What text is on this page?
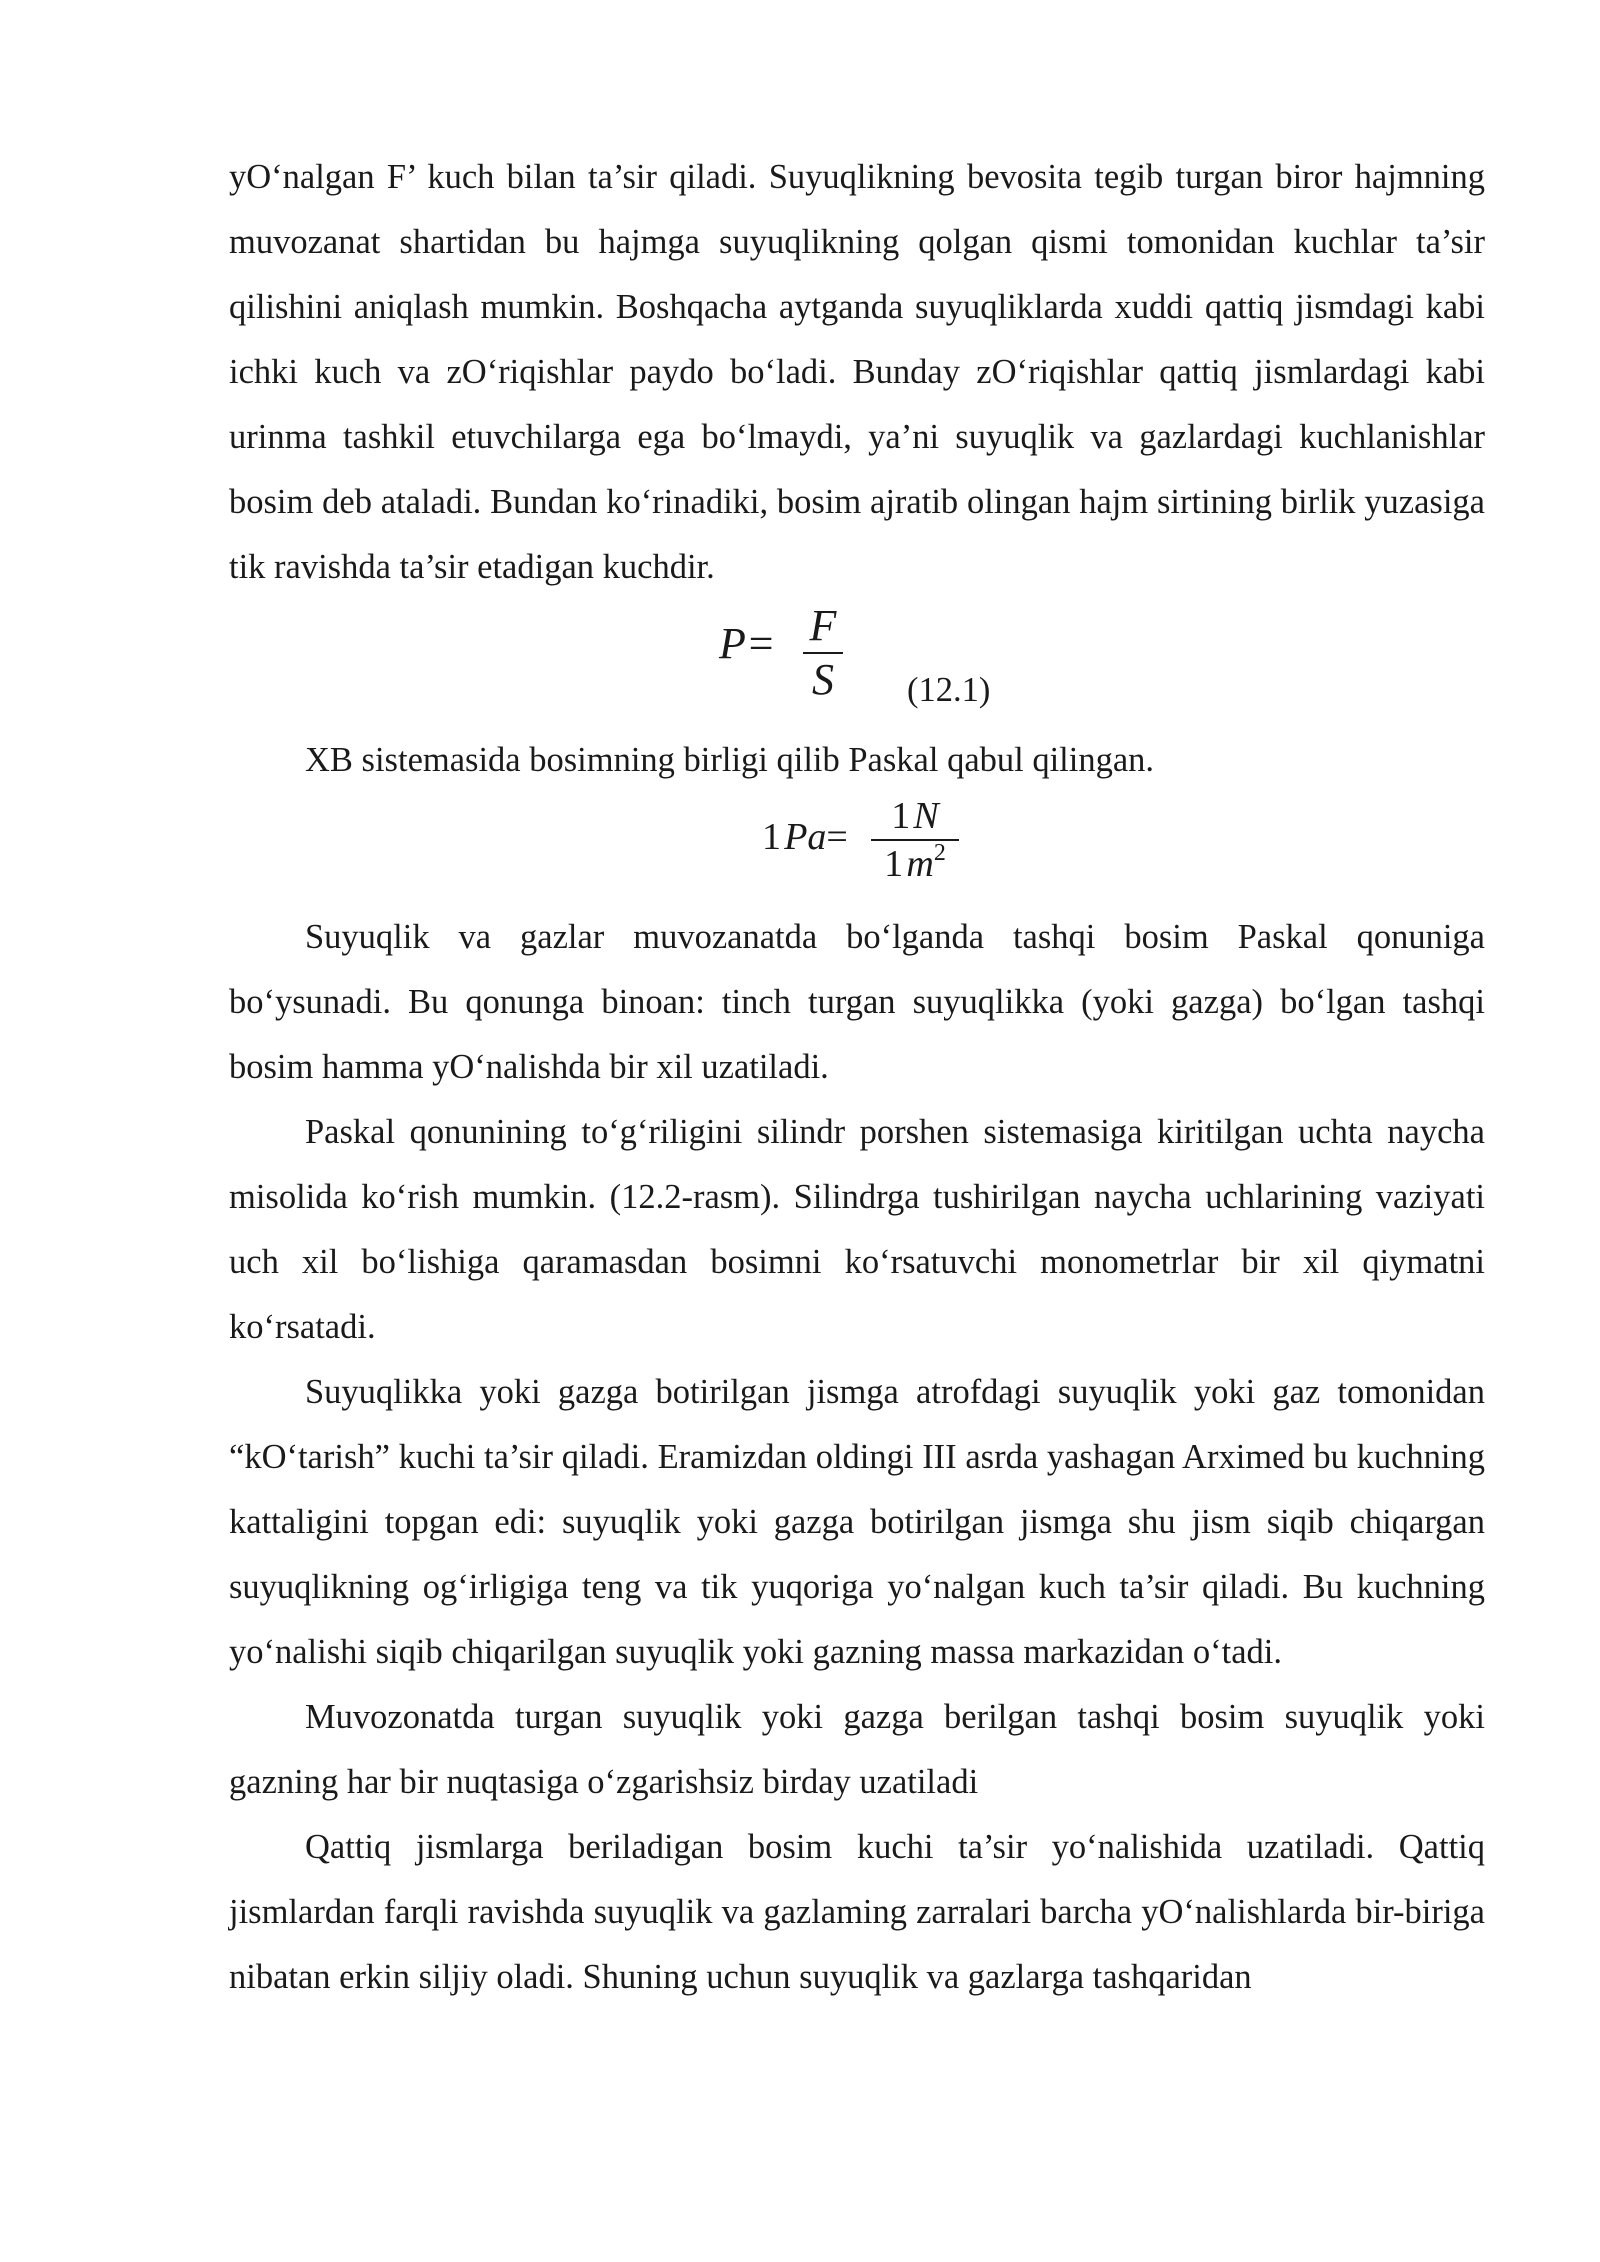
yO‘nalgan F’ kuch bilan ta’sir qiladi. Suyuqlikning bevosita tegib turgan biror hajmning muvozanat shartidan bu hajmga suyuqlikning qolgan qismi tomonidan kuchlar ta’sir qilishini aniqlash mumkin. Boshqacha aytganda suyuqliklarda xuddi qattiq jismdagi kabi ichki kuch va zO‘riqishlar paydo bo‘ladi. Bunday zO‘riqishlar qattiq jismlardagi kabi urinma tashkil etuvchilarga ega bo‘lmaydi, ya’ni suyuqlik va gazlardagi kuchlanishlar bosim deb ataladi. Bundan ko‘rinadiki, bosim ajratib olingan hajm sirtining birlik yuzasiga tik ravishda ta’sir etadigan kuchdir.

P= F
S	(12.1)

XB sistemasida bosimning birligi qilib Paskal qabul qilingan.

1 Pa=	1 N
1 $m^2$

Suyuqlik va gazlar muvozanatda bo‘lganda tashqi bosim Paskal qonuniga bo‘ysunadi. Bu qonunga binoan: tinch turgan suyuqlikka (yoki gazga) bo‘lgan tashqi bosim hamma yO‘nalishda bir xil uzatiladi.

Paskal qonunining to‘g‘riligini silindr porshen sistemasiga kiritilgan uchta naycha misolida ko‘rish mumkin. (12.2-rasm). Silindrga tushirilgan naycha uchlarining vaziyati uch xil bo‘lishiga qaramasdan bosimni ko‘rsatuvchi monometrlar bir xil qiymatni ko‘rsatadi.

Suyuqlikka yoki gazga botirilgan jismga atrofdagi suyuqlik yoki gaz tomonidan “kO‘tarish” kuchi ta’sir qiladi. Eramizdan oldingi III asrda yashagan Arximed bu kuchning kattaligini topgan edi: suyuqlik yoki gazga botirilgan jismga shu jism siqib chiqargan suyuqlikning og‘irligiga teng va tik yuqoriga yo‘nalgan kuch ta’sir qiladi. Bu kuchning yo‘nalishi siqib chiqarilgan suyuqlik yoki gazning massa markazidan o‘tadi.

Muvozonatda turgan suyuqlik yoki gazga berilgan tashqi bosim suyuqlik yoki gazning har bir nuqtasiga o‘zgarishsiz birday uzatiladi

Qattiq jismlarga beriladigan bosim kuchi ta’sir yo‘nalishida uzatiladi. Qattiq jismlardan farqli ravishda suyuqlik va gazlaming zarralari barcha yO‘nalishlarda bir-biriga nibatan erkin siljiy oladi. Shuning uchun suyuqlik va gazlarga tashqaridan
